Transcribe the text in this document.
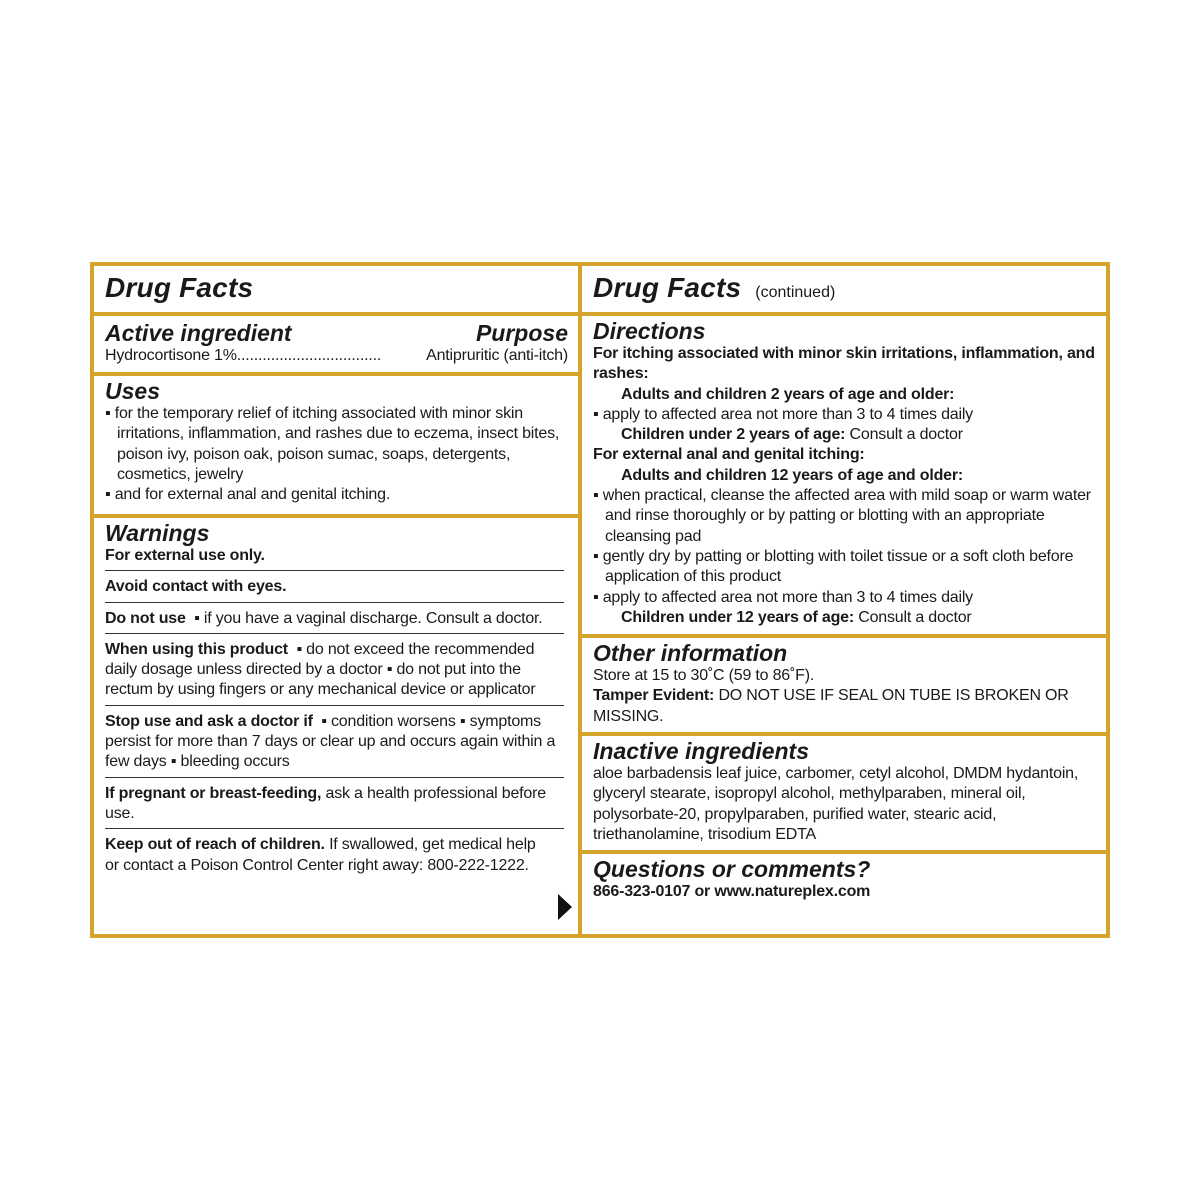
Drug Facts
Active ingredient	Purpose
Hydrocortisone 1% ..................................	Antipruritic (anti-itch)
Uses
▪ for the temporary relief of itching associated with minor skin irritations, inflammation, and rashes due to eczema, insect bites, poison ivy, poison oak, poison sumac, soaps, detergents, cosmetics, jewelry
▪ and for external anal and genital itching.
Warnings
For external use only.
Avoid contact with eyes.
Do not use  ▪ if you have a vaginal discharge. Consult a doctor.
When using this product  ▪ do not exceed the recommended daily dosage unless directed by a doctor ▪ do not put into the rectum by using fingers or any mechanical device or applicator
Stop use and ask a doctor if  ▪ condition worsens ▪ symptoms persist for more than 7 days or clear up and occurs again within a few days ▪ bleeding occurs
If pregnant or breast-feeding, ask a health professional before use.
Keep out of reach of children. If swallowed, get medical help or contact a Poison Control Center right away: 800-222-1222.
Drug Facts (continued)
Directions
For itching associated with minor skin irritations, inflammation, and rashes:
Adults and children 2 years of age and older:
▪ apply to affected area not more than 3 to 4 times daily
Children under 2 years of age: Consult a doctor
For external anal and genital itching:
Adults and children 12 years of age and older:
▪ when practical, cleanse the affected area with mild soap or warm water and rinse thoroughly or by patting or blotting with an appropriate cleansing pad
▪ gently dry by patting or blotting with toilet tissue or a soft cloth before application of this product
▪ apply to affected area not more than 3 to 4 times daily
Children under 12 years of age: Consult a doctor
Other information
Store at 15 to 30˚C (59 to 86˚F).
Tamper Evident: DO NOT USE IF SEAL ON TUBE IS BROKEN OR MISSING.
Inactive ingredients
aloe barbadensis leaf juice, carbomer, cetyl alcohol, DMDM hydantoin, glyceryl stearate, isopropyl alcohol, methylparaben, mineral oil, polysorbate-20, propylparaben, purified water, stearic acid, triethanolamine, trisodium EDTA
Questions or comments?
866-323-0107 or www.natureplex.com
